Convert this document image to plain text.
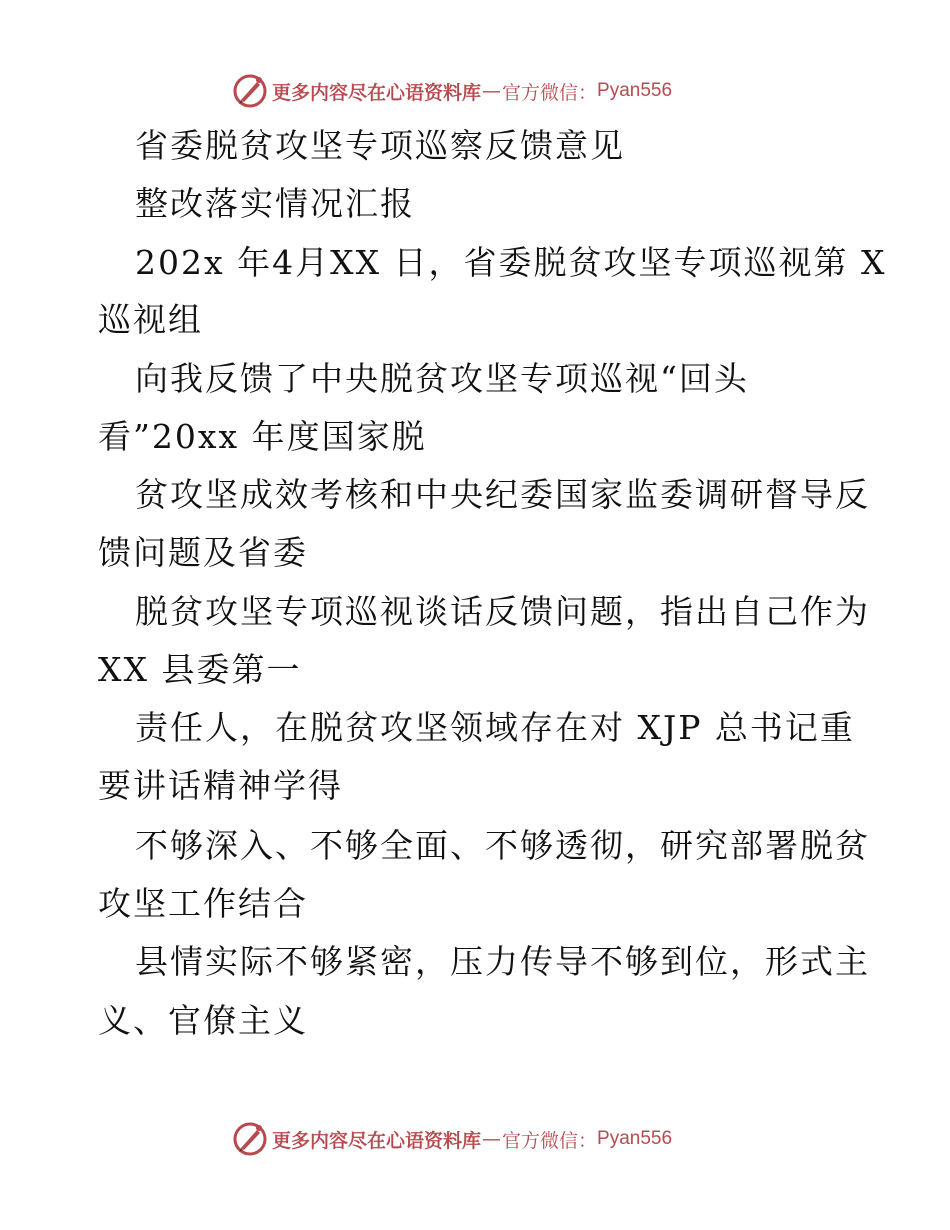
更多内容尽在心语资料库 — 官方微信： Pyan556
省委脱贫攻坚专项巡察反馈意见
整改落实情况汇报
202x 年4月XX 日，省委脱贫攻坚专项巡视第 X
巡视组
向我反馈了中央脱贫攻坚专项巡视“回头
看”20xx 年度国家脱
贫攻坚成效考核和中央纪委国家监委调研督导反
馈问题及省委
脱贫攻坚专项巡视谈话反馈问题，指出自己作为
XX 县委第一
责任人，在脱贫攻坚领域存在对 XJP 总书记重
要讲话精神学得
不够深入、不够全面、不够透彻，研究部署脱贫
攻坚工作结合
县情实际不够紧密，压力传导不够到位，形式主
义、官僚主义
更多内容尽在心语资料库 — 官方微信： Pyan556
